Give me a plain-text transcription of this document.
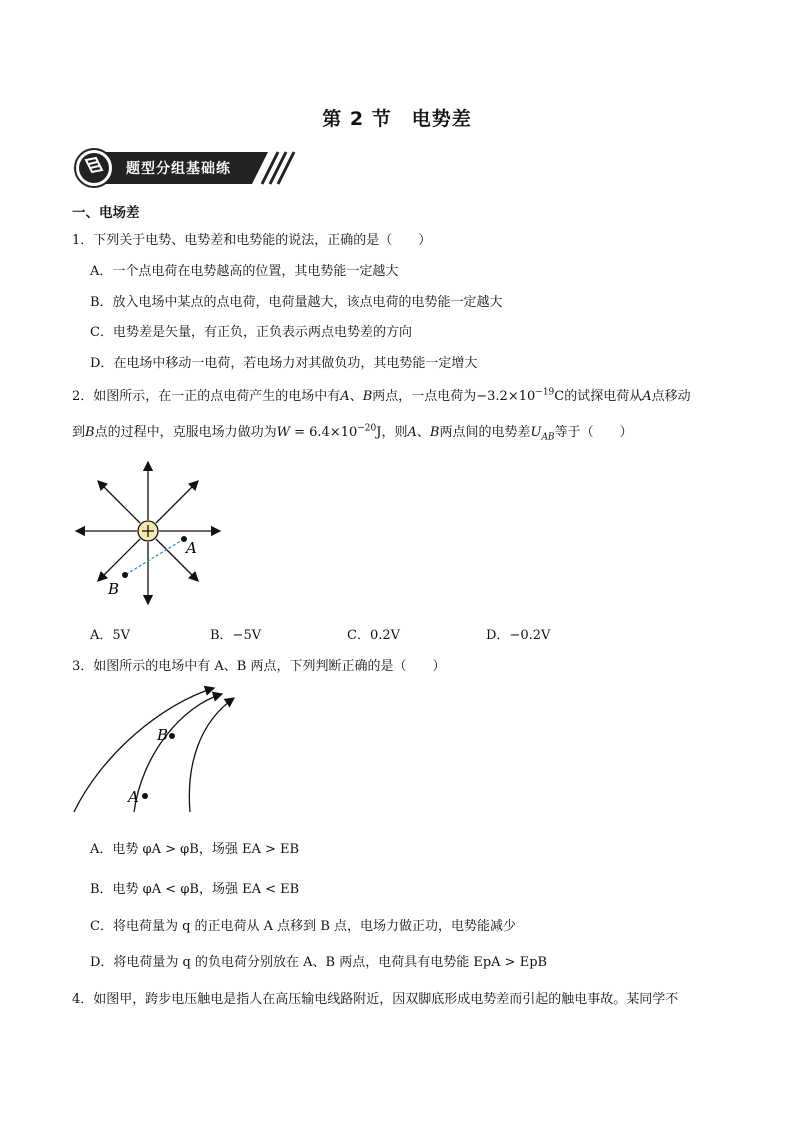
第 2 节　电势差
题型分组基础练
一、电场差
1．下列关于电势、电势差和电势能的说法，正确的是（　　）
A．一个点电荷在电势越高的位置，其电势能一定越大
B．放入电场中某点的点电荷，电荷量越大，该点电荷的电势能一定越大
C．电势差是矢量，有正负，正负表示两点电势差的方向
D．在电场中移动一电荷，若电场力对其做负功，其电势能一定增大
2．如图所示，在一正的点电荷产生的电场中有A、B两点，一点电荷为$-3.2\times 10^{-19}C$的试探电荷从A点移动
到B点的过程中，克服电场力做功为$W = 6.4\times 10^{-20}J$，则A、B两点间的电势差$U_{AB}$等于（　　）
A
B
A．5V	B．−5V	C．0.2V	D．−0.2V
3．如图所示的电场中有 A、B 两点，下列判断正确的是（　　）
A
B
A．电势 φA > φB，场强 EA > EB
B．电势 φA < φB，场强 EA < EB
C．将电荷量为 q 的正电荷从 A 点移到 B 点，电场力做正功，电势能减少
D．将电荷量为 q 的负电荷分别放在 A、B 两点，电荷具有电势能 EpA > EpB
4．如图甲，跨步电压触电是指人在高压输电线路附近，因双脚底形成电势差而引起的触电事故。某同学不
